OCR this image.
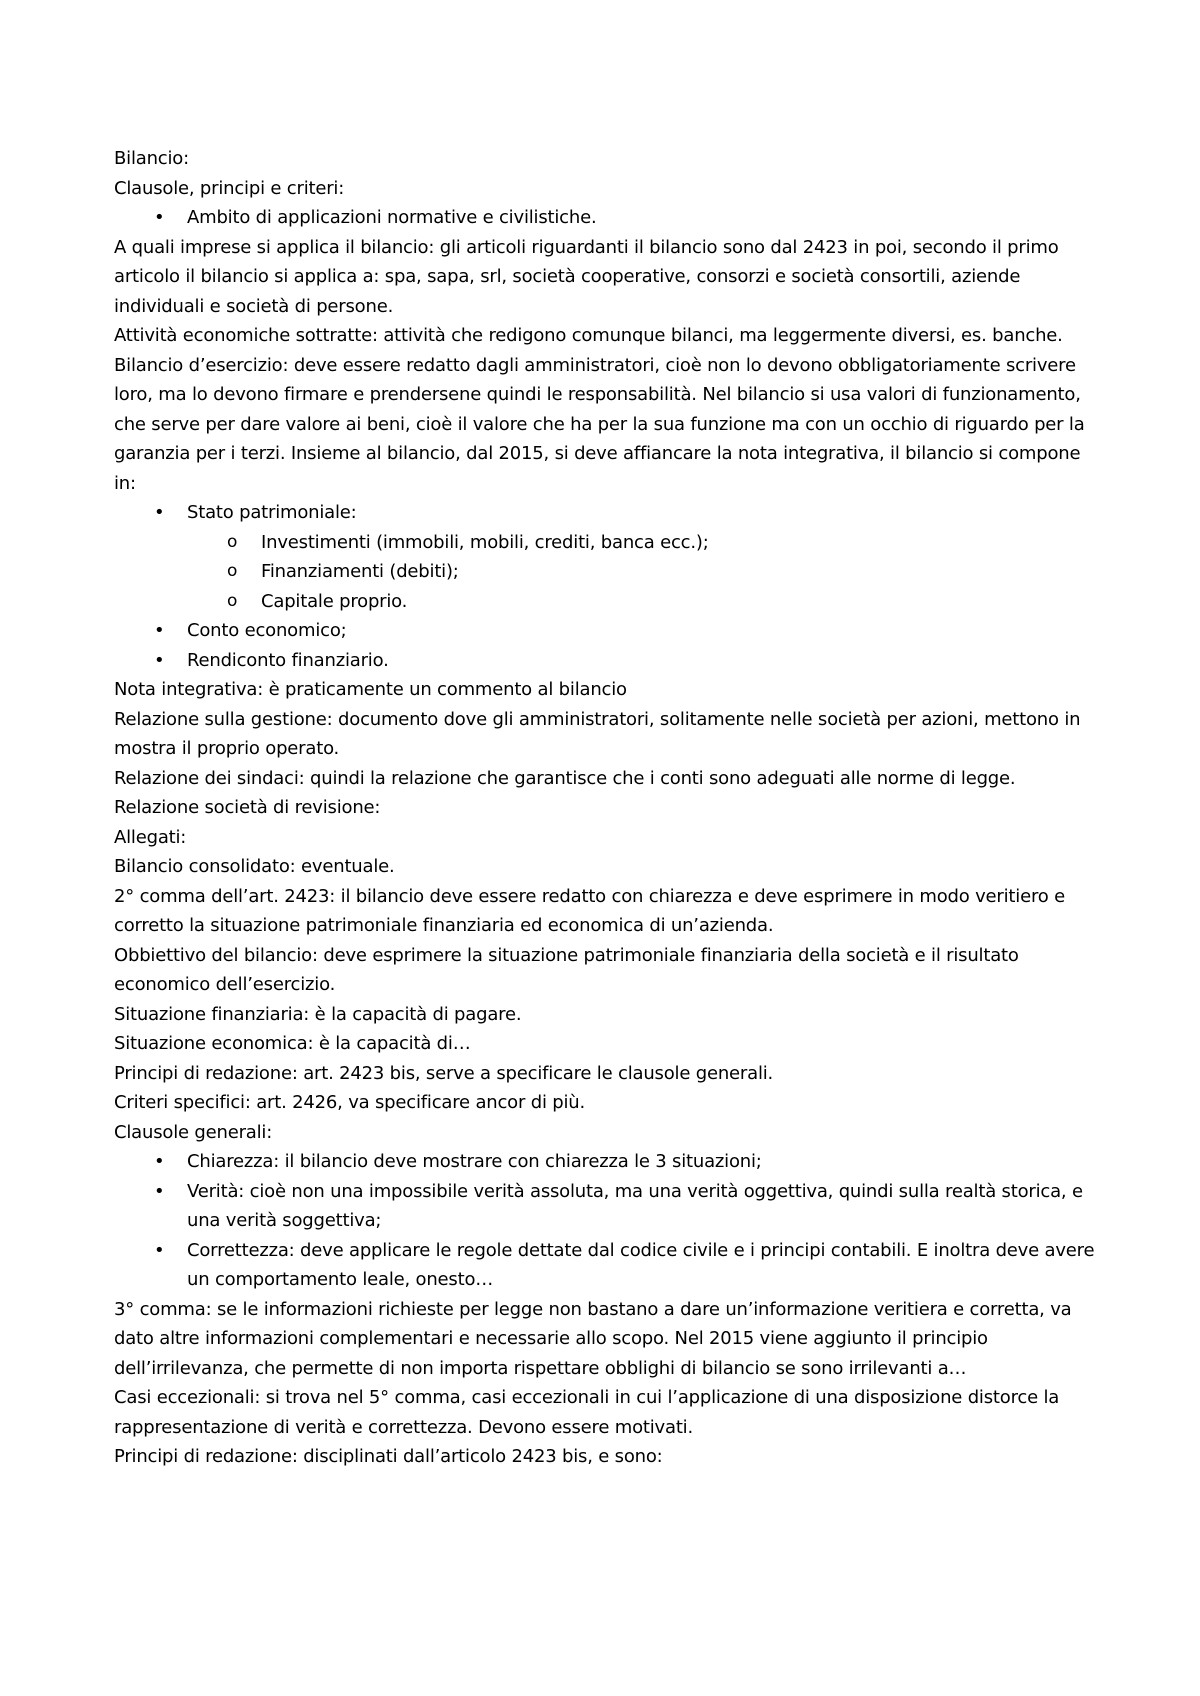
Bilancio:

Clausole, principi e criteri:

• Ambito di applicazioni normative e civilistiche.

A quali imprese si applica il bilancio: gli articoli riguardanti il bilancio sono dal 2423 in poi, secondo il primo articolo il bilancio si applica a: spa, sapa, srl, società cooperative, consorzi e società consortili, aziende individuali e società di persone.

Attività economiche sottratte: attività che redigono comunque bilanci, ma leggermente diversi, es. banche.

Bilancio d’esercizio: deve essere redatto dagli amministratori, cioè non lo devono obbligatoriamente scrivere loro, ma lo devono firmare e prendersene quindi le responsabilità. Nel bilancio si usa valori di funzionamento, che serve per dare valore ai beni, cioè il valore che ha per la sua funzione ma con un occhio di riguardo per la garanzia per i terzi. Insieme al bilancio, dal 2015, si deve affiancare la nota integrativa, il bilancio si compone in:

• Stato patrimoniale:
o Investimenti (immobili, mobili, crediti, banca ecc.);
o Finanziamenti (debiti);
o Capitale proprio.
• Conto economico;
• Rendiconto finanziario.

Nota integrativa: è praticamente un commento al bilancio

Relazione sulla gestione: documento dove gli amministratori, solitamente nelle società per azioni, mettono in mostra il proprio operato.

Relazione dei sindaci: quindi la relazione che garantisce che i conti sono adeguati alle norme di legge.

Relazione società di revisione:

Allegati:

Bilancio consolidato: eventuale.

2° comma dell’art. 2423: il bilancio deve essere redatto con chiarezza e deve esprimere in modo veritiero e corretto la situazione patrimoniale finanziaria ed economica di un’azienda.

Obbiettivo del bilancio: deve esprimere la situazione patrimoniale finanziaria della società e il risultato economico dell’esercizio.

Situazione finanziaria: è la capacità di pagare.

Situazione economica: è la capacità di…

Principi di redazione: art. 2423 bis, serve a specificare le clausole generali.

Criteri specifici: art. 2426, va specificare ancor di più.

Clausole generali:

• Chiarezza: il bilancio deve mostrare con chiarezza le 3 situazioni;
• Verità: cioè non una impossibile verità assoluta, ma una verità oggettiva, quindi sulla realtà storica, e una verità soggettiva;
• Correttezza: deve applicare le regole dettate dal codice civile e i principi contabili. E inoltra deve avere un comportamento leale, onesto…

3° comma: se le informazioni richieste per legge non bastano a dare un’informazione veritiera e corretta, va dato altre informazioni complementari e necessarie allo scopo. Nel 2015 viene aggiunto il principio dell’irrilevanza, che permette di non importa rispettare obblighi di bilancio se sono irrilevanti a…

Casi eccezionali: si trova nel 5° comma, casi eccezionali in cui l’applicazione di una disposizione distorce la rappresentazione di verità e correttezza. Devono essere motivati.

Principi di redazione: disciplinati dall’articolo 2423 bis, e sono:
